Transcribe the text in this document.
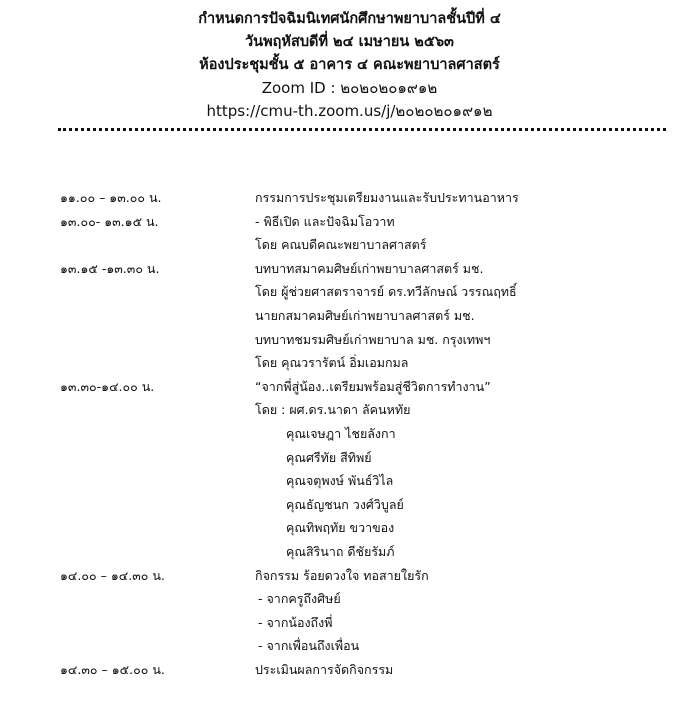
กำหนดการปัจฉิมนิเทศนักศึกษาพยาบาลชั้นปีที่ ๔
วันพฤหัสบดีที่ ๒๔ เมษายน ๒๕๖๓
ห้องประชุมชั้น ๕ อาคาร ๔ คณะพยาบาลศาสตร์
Zoom ID : ๒๐๒๐๒๐๑๙๑๒
https://cmu-th.zoom.us/j/๒๐๒๐๒๐๑๙๑๒
๑๑.๐๐ – ๑๓.๐๐ น.	กรรมการประชุมเตรียมงานและรับประทานอาหาร
๑๓.๐๐- ๑๓.๑๕ น.	- พิธีเปิด และปัจฉิมโอวาท
โดย คณบดีคณะพยาบาลศาสตร์
๑๓.๑๕ -๑๓.๓๐ น.	บทบาทสมาคมศิษย์เก่าพยาบาลศาสตร์ มช.
โดย ผู้ช่วยศาสตราจารย์ ดร.ทวีลักษณ์ วรรณฤทธิ์
นายกสมาคมศิษย์เก่าพยาบาลศาสตร์ มช.
บทบาทชมรมศิษย์เก่าพยาบาล มช. กรุงเทพฯ
โดย คุณวรารัตน์ อิ่มเอมกมล
๑๓.๓๐-๑๔.๐๐ น.	“จากพี่สู่น้อง..เตรียมพร้อมสู่ชีวิตการทำงาน”
โดย : ผศ.ดร.นาดา ลัคนหทัย
คุณเจษฎา ไชยลังกา
คุณศรีทัย สีทิพย์
คุณจตุพงษ์ พันธ์วิไล
คุณธัญชนก วงศ์วิบูลย์
คุณทิพฤทัย ขวาของ
คุณสิรินาถ ดีชัยรัมภ์
๑๔.๐๐ – ๑๔.๓๐ น.	กิจกรรม ร้อยดวงใจ ทอสายใยรัก
- จากครูถึงศิษย์
- จากน้องถึงพี่
- จากเพื่อนถึงเพื่อน
๑๔.๓๐ – ๑๕.๐๐ น.	ประเมินผลการจัดกิจกรรม
